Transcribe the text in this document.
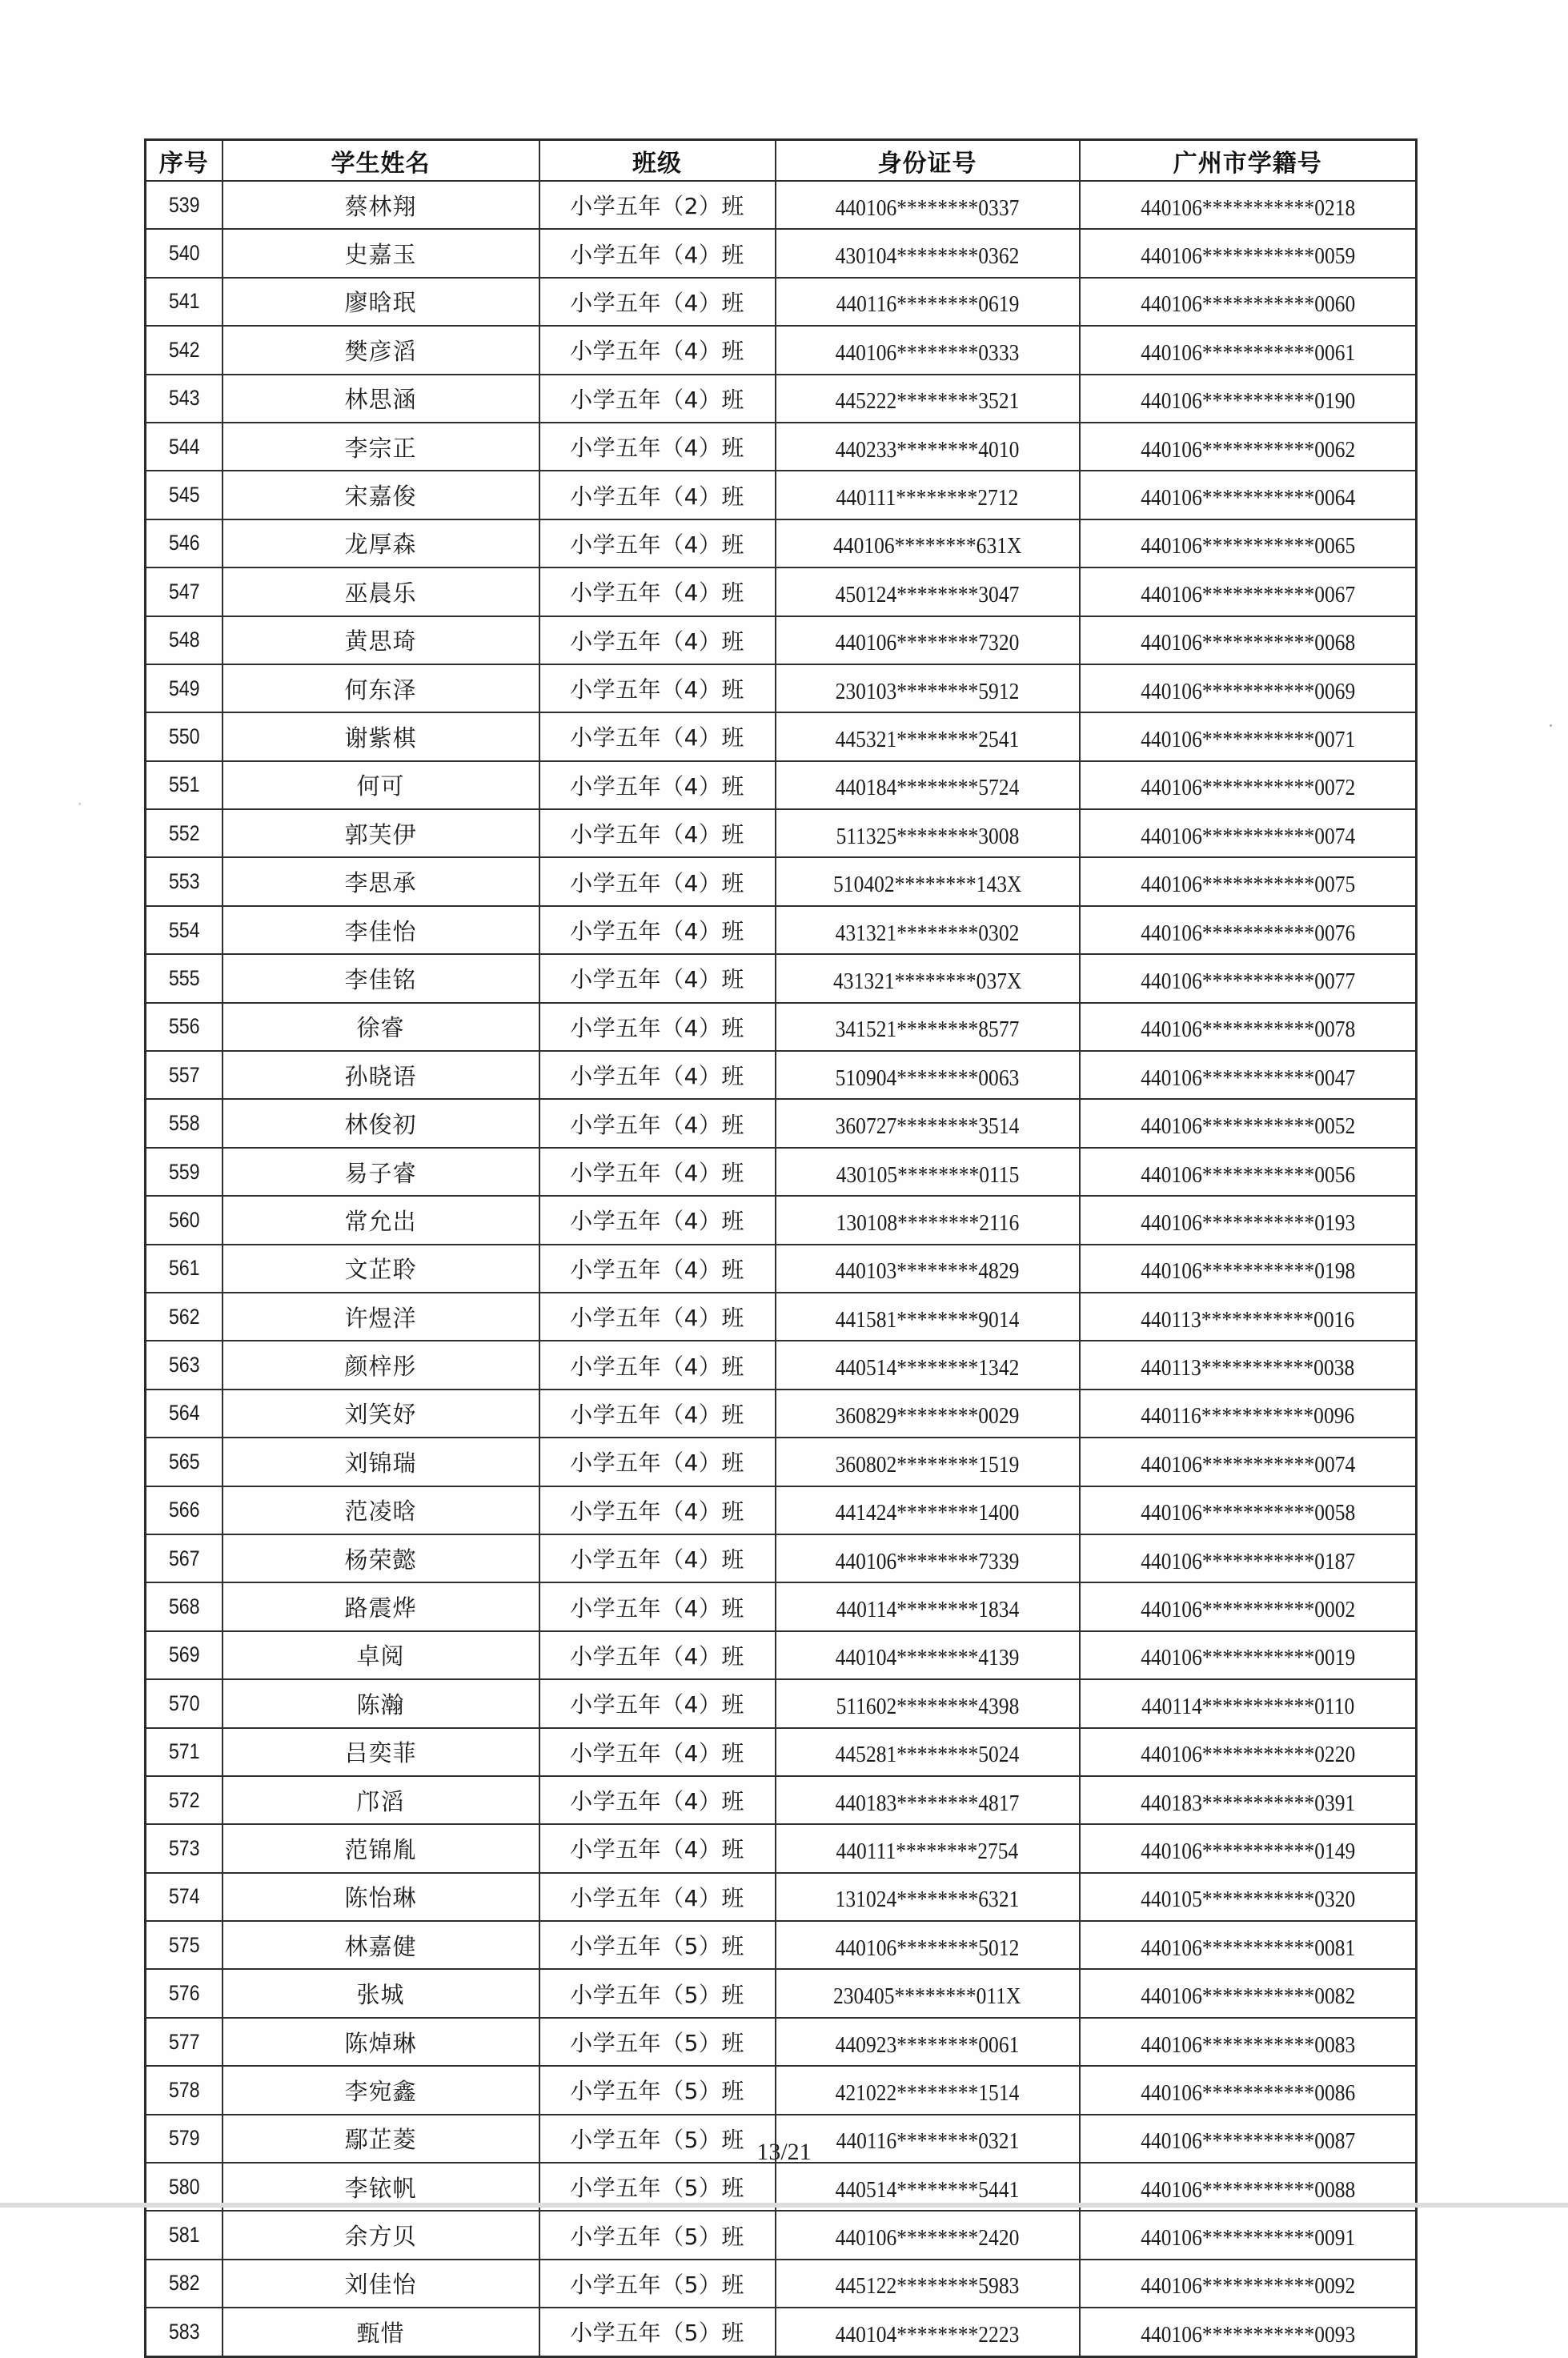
序号	学生姓名	班级	身份证号	广州市学籍号
539	蔡林翔	小学五年（2）班	440106********0337	440106***********0218
540	史嘉玉	小学五年（4）班	430104********0362	440106***********0059
541	廖晗珉	小学五年（4）班	440116********0619	440106***********0060
542	樊彦滔	小学五年（4）班	440106********0333	440106***********0061
543	林思涵	小学五年（4）班	445222********3521	440106***********0190
544	李宗正	小学五年（4）班	440233********4010	440106***********0062
545	宋嘉俊	小学五年（4）班	440111********2712	440106***********0064
546	龙厚森	小学五年（4）班	440106********631X	440106***********0065
547	巫晨乐	小学五年（4）班	450124********3047	440106***********0067
548	黄思琦	小学五年（4）班	440106********7320	440106***********0068
549	何东泽	小学五年（4）班	230103********5912	440106***********0069
550	谢紫棋	小学五年（4）班	445321********2541	440106***********0071
551	何可	小学五年（4）班	440184********5724	440106***********0072
552	郭芙伊	小学五年（4）班	511325********3008	440106***********0074
553	李思承	小学五年（4）班	510402********143X	440106***********0075
554	李佳怡	小学五年（4）班	431321********0302	440106***********0076
555	李佳铭	小学五年（4）班	431321********037X	440106***********0077
556	徐睿	小学五年（4）班	341521********8577	440106***********0078
557	孙晓语	小学五年（4）班	510904********0063	440106***********0047
558	林俊初	小学五年（4）班	360727********3514	440106***********0052
559	易子睿	小学五年（4）班	430105********0115	440106***********0056
560	常允岀	小学五年（4）班	130108********2116	440106***********0193
561	文芷聆	小学五年（4）班	440103********4829	440106***********0198
562	许煜洋	小学五年（4）班	441581********9014	440113***********0016
563	颜梓彤	小学五年（4）班	440514********1342	440113***********0038
564	刘笑妤	小学五年（4）班	360829********0029	440116***********0096
565	刘锦瑞	小学五年（4）班	360802********1519	440106***********0074
566	范凌晗	小学五年（4）班	441424********1400	440106***********0058
567	杨荣懿	小学五年（4）班	440106********7339	440106***********0187
568	路震烨	小学五年（4）班	440114********1834	440106***********0002
569	卓阅	小学五年（4）班	440104********4139	440106***********0019
570	陈瀚	小学五年（4）班	511602********4398	440114***********0110
571	吕奕菲	小学五年（4）班	445281********5024	440106***********0220
572	邝滔	小学五年（4）班	440183********4817	440183***********0391
573	范锦胤	小学五年（4）班	440111********2754	440106***********0149
574	陈怡琳	小学五年（4）班	131024********6321	440105***********0320
575	林嘉健	小学五年（5）班	440106********5012	440106***********0081
576	张城	小学五年（5）班	230405********011X	440106***********0082
577	陈焯琳	小学五年（5）班	440923********0061	440106***********0083
578	李宛鑫	小学五年（5）班	421022********1514	440106***********0086
579	鄢芷菱	小学五年（5）班	440116********0321	440106***********0087
580	李铱帆	小学五年（5）班	440514********5441	440106***********0088
581	余方贝	小学五年（5）班	440106********2420	440106***********0091
582	刘佳怡	小学五年（5）班	445122********5983	440106***********0092
583	甄惜	小学五年（5）班	440104********2223	440106***********0093
13/21
